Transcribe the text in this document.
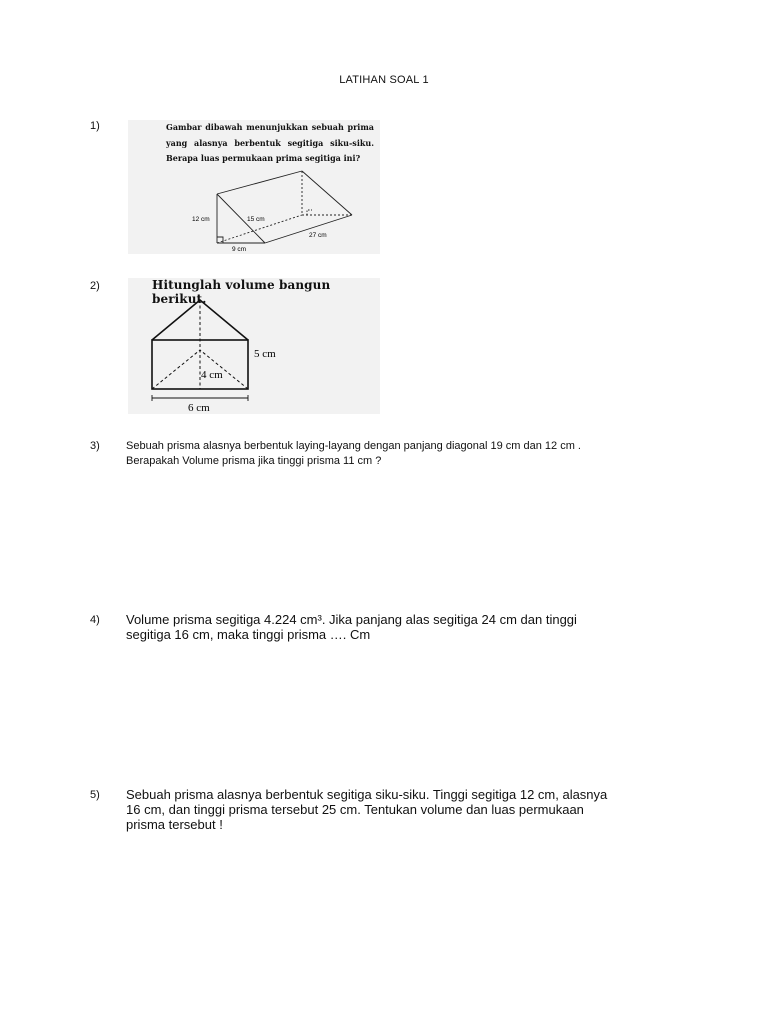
LATIHAN SOAL 1
1)	Gambar dibawah menunjukkan sebuah prima yang alasnya berbentuk segitiga siku-siku. Berapa luas permukaan prima segitiga ini?
12 cm	15 cm
27 cm
9 cm
2)	Hitunglah volume bangun berikut.
5 cm
4 cm
6 cm
3) Sebuah prisma alasnya berbentuk laying-layang dengan panjang diagonal 19 cm dan 12 cm .
Berapakah Volume prisma jika tinggi prisma 11 cm ?
4) Volume prisma segitiga 4.224 cm³. Jika panjang alas segitiga 24 cm dan tinggi
segitiga 16 cm, maka tinggi prisma …. Cm
5) Sebuah prisma alasnya berbentuk segitiga siku-siku. Tinggi segitiga 12 cm, alasnya
16 cm, dan tinggi prisma tersebut 25 cm. Tentukan volume dan luas permukaan
prisma tersebut !
